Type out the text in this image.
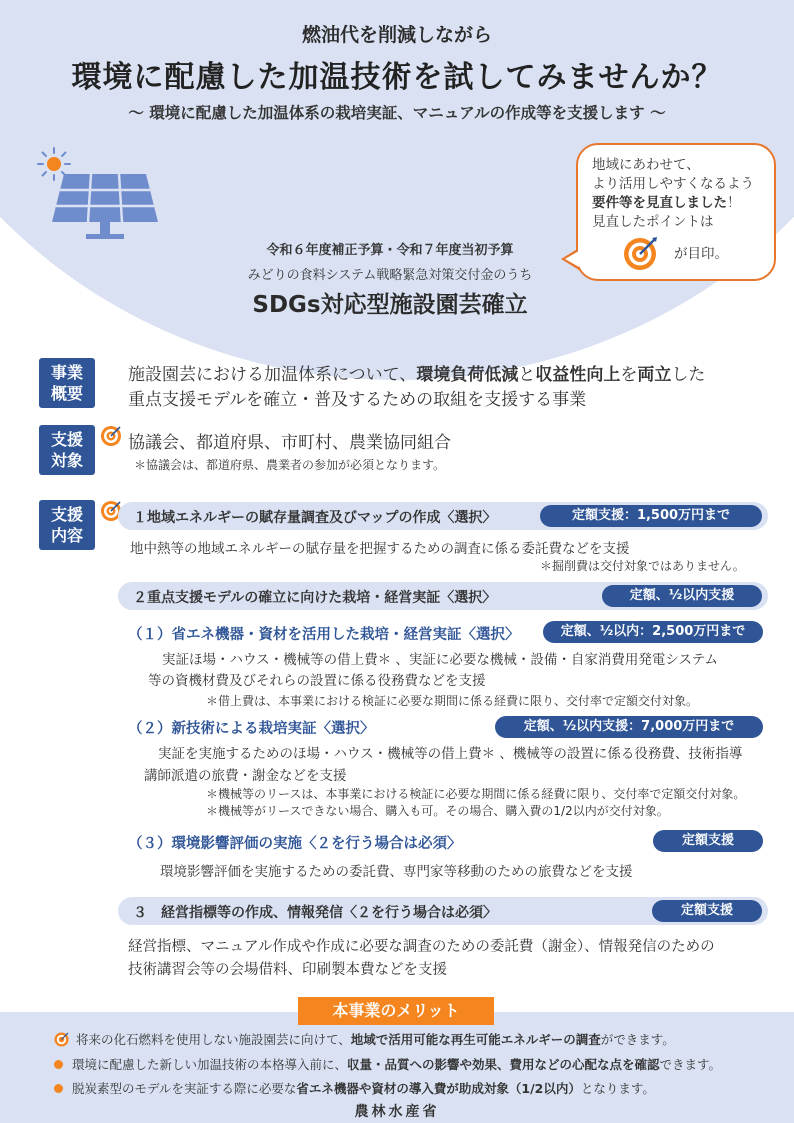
燃油代を削減しながら
環境に配慮した加温技術を試してみませんか？
～ 環境に配慮した加温体系の栽培実証、マニュアルの作成等を支援します ～
地域にあわせて、
より活用しやすくなるよう
要件等を見直しました！
見直したポイントは
が目印。
令和６年度補正予算・令和７年度当初予算
みどりの食料システム戦略緊急対策交付金のうち
SDGs対応型施設園芸確立
事業
概要
施設園芸における加温体系について、環境負荷低減と収益性向上を両立した
重点支援モデルを確立・普及するための取組を支援する事業
支援
対象
協議会、都道府県、市町村、農業協同組合
＊協議会は、都道府県、農業者の参加が必須となります。
支援
内容
１地域エネルギーの賦存量調査及びマップの作成〈選択〉	定額支援：1,500万円まで
地中熱等の地域エネルギーの賦存量を把握するための調査に係る委託費などを支援
＊掘削費は交付対象ではありません。
２重点支援モデルの確立に向けた栽培・経営実証〈選択〉	定額、½以内支援
（１）省エネ機器・資材を活用した栽培・経営実証〈選択〉	定額、½以内：2,500万円まで
実証ほ場・ハウス・機械等の借上費＊ 、実証に必要な機械・設備・自家消費用発電システム
等の資機材費及びそれらの設置に係る役務費などを支援
＊借上費は、本事業における検証に必要な期間に係る経費に限り、交付率で定額交付対象。
（２）新技術による栽培実証〈選択〉	定額、½以内支援：7,000万円まで
実証を実施するためのほ場・ハウス・機械等の借上費＊ 、機械等の設置に係る役務費、技術指導
講師派遣の旅費・謝金などを支援
＊機械等のリースは、本事業における検証に必要な期間に係る経費に限り、交付率で定額交付対象。
＊機械等がリースできない場合、購入も可。その場合、購入費の1/2以内が交付対象。
（３）環境影響評価の実施〈２を行う場合は必須〉	定額支援
環境影響評価を実施するための委託費、専門家等移動のための旅費などを支援
３　経営指標等の作成、情報発信〈２を行う場合は必須〉	定額支援
経営指標、マニュアル作成や作成に必要な調査のための委託費（謝金）、情報発信のための
技術講習会等の会場借料、印刷製本費などを支援
本事業のメリット
将来の化石燃料を使用しない施設園芸に向けて、 地域で活用可能な再生可能エネルギーの調査 ができます。
環境に配慮した新しい加温技術の本格導入前に、 収量・品質への影響や効果、費用などの心配な点を確認 できます。
脱炭素型のモデルを実証する際に必要な 省エネ機器や資材の導入費が助成対象（1/2以内） となります。
農林水産省
